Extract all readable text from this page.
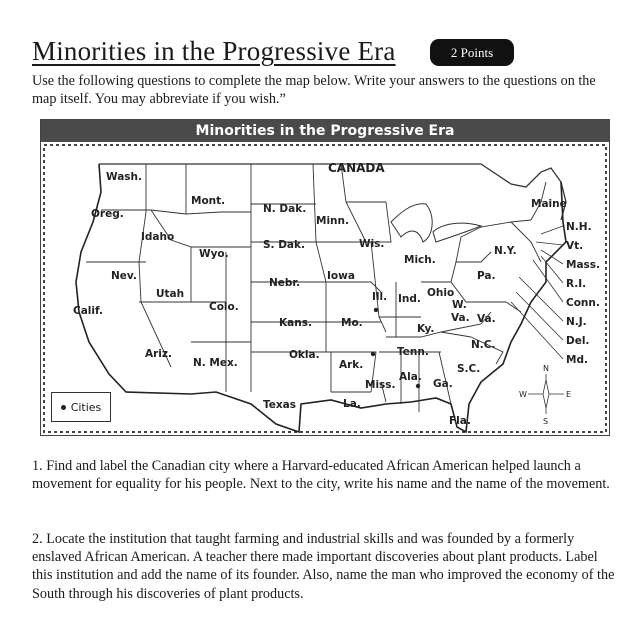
Minorities in the Progressive Era	2 Points
Use the following questions to complete the map below. Write your answers to the questions on the map itself. You may abbreviate if you wish.”
Minorities in the Progressive Era
CANADA
Wash.
Oreg.
Calif.
Idaho
Nev.
Utah
Ariz.
Mont.
Wyo.
Colo.
N. Mex.
N. Dak.
S. Dak.
Nebr.
Kans.
Okla.
Texas
Minn.
Iowa
Mo.
Ark.
La.
Wis.
Ill.
Mich.
Ind. Ohio
Ky.
Tenn.
Miss.
Ala.
Ga.
Fla.
S.C.
N.C.
Va.
W.
Va.
Pa.
N.Y.
Maine
N.H.
Vt.
Mass.
R.I.
Conn.
N.J.
Del.
Md.
N
S
E
W
Cities
1. Find and label the Canadian city where a Harvard-educated African American helped launch a movement for equality for his people. Next to the city, write his name and the name of the movement.
2. Locate the institution that taught farming and industrial skills and was founded by a formerly enslaved African American. A teacher there made important discoveries about plant products. Label this institution and add the name of its founder. Also, name the man who improved the economy of the South through his discoveries of plant products.
